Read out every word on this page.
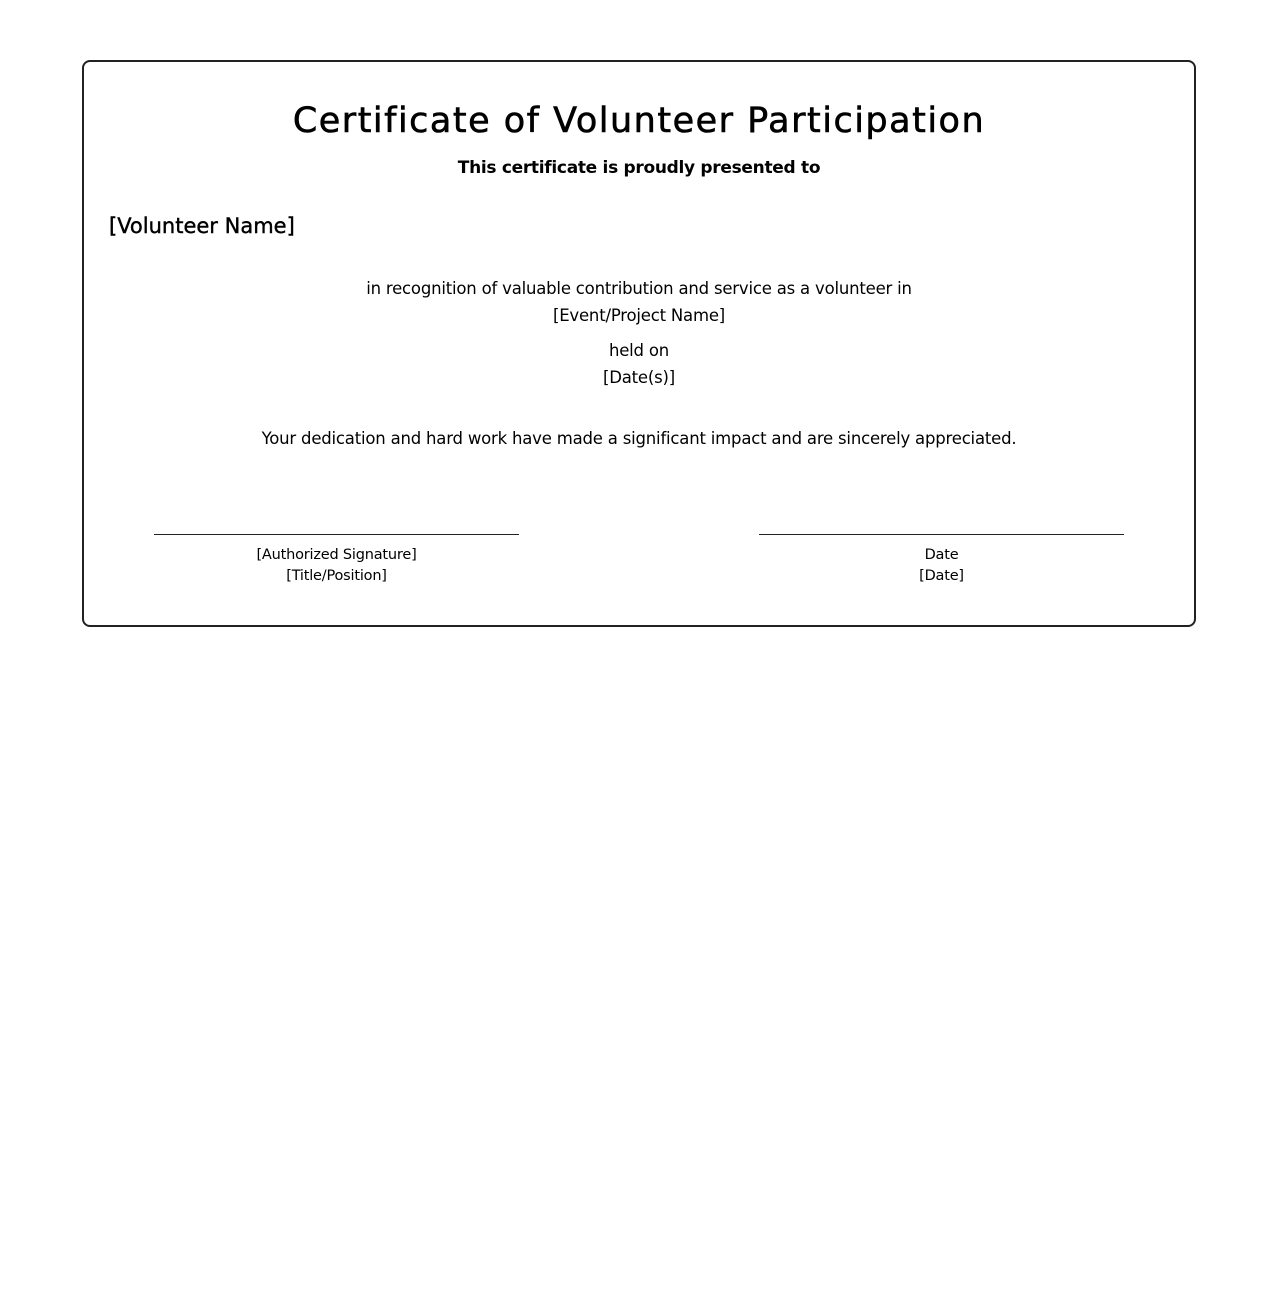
Certificate of Volunteer Participation
This certificate is proudly presented to
[Volunteer Name]
in recognition of valuable contribution and service as a volunteer in
[Event/Project Name]
held on
[Date(s)]
Your dedication and hard work have made a significant impact and are sincerely appreciated.
[Authorized Signature]
[Title/Position]
Date
[Date]
